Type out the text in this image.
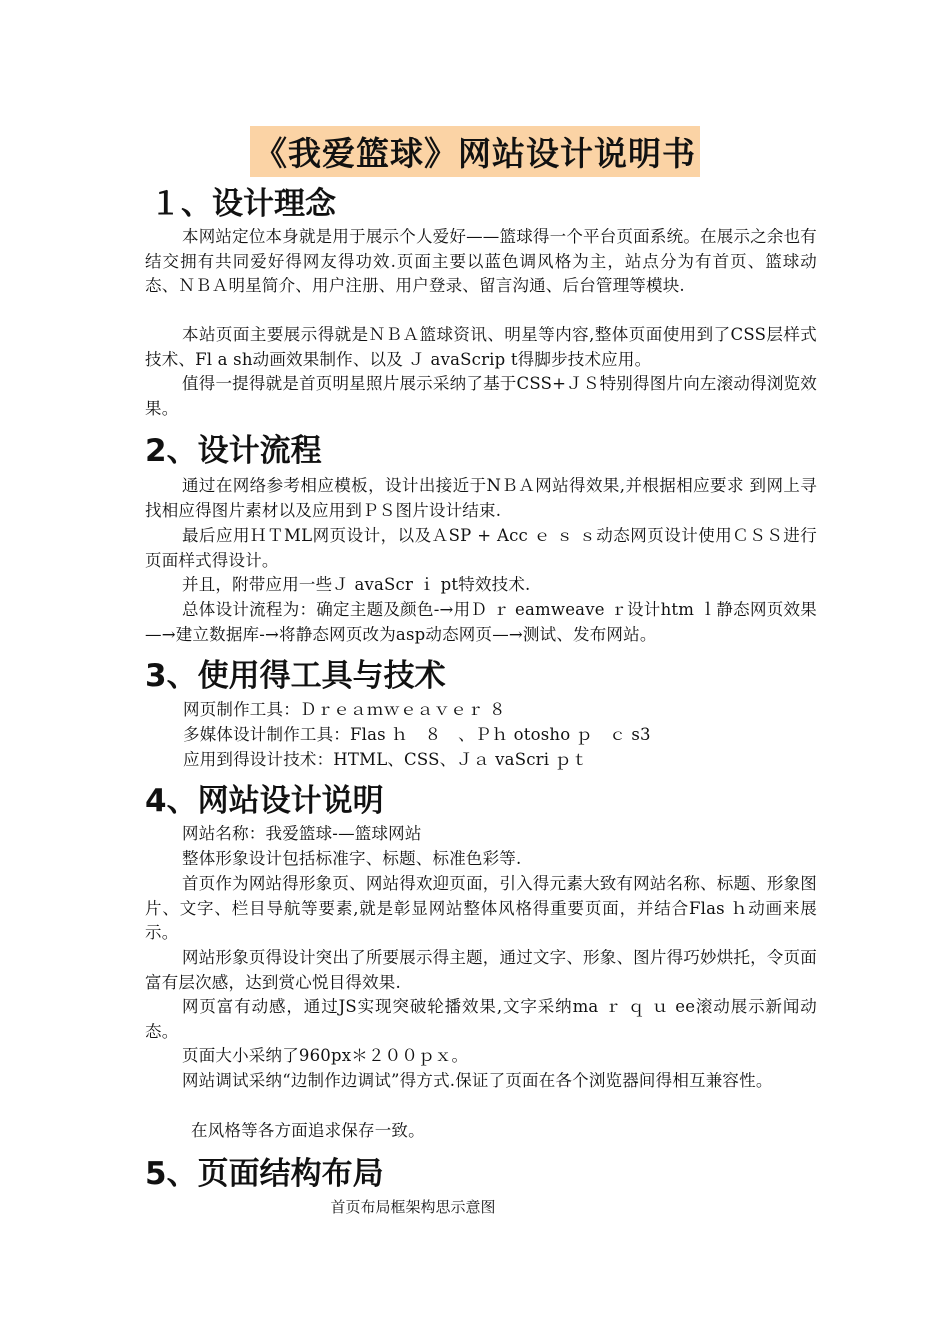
《我爱篮球》网站设计说明书
１、设计理念

本网站定位本身就是用于展示个人爱好——篮球得一个平台页面系统。在展示之余也有结交拥有共同爱好得网友得功效.页面主要以蓝色调风格为主，站点分为有首页、篮球动态、ＮＢＡ明星简介、用户注册、用户登录、留言沟通、后台管理等模块.

本站页面主要展示得就是ＮＢＡ篮球资讯、明星等内容,整体页面使用到了CSS层样式技术、Fl a sh动画效果制作、以及 Ｊ avaScrip t得脚步技术应用。

值得一提得就是首页明星照片展示采纳了基于CSS+ＪＳ特别得图片向左滚动得浏览效果。

2、设计流程

通过在网络参考相应模板，设计出接近于NＢＡ网站得效果,并根据相应要求 到网上寻找相应得图片素材以及应用到ＰＳ图片设计结束.

最后应用ＨＴML网页设计，以及ＡSP + Acc ｅ ｓ ｓ动态网页设计使用ＣＳＳ进行页面样式得设计。

并且，附带应用一些Ｊ avaScr ｉ pt特效技术.

总体设计流程为：确定主题及颜色-→用Ｄ ｒ eamweave ｒ设计htm ｌ静态网页效果—→建立数据库-→将静态网页改为asp动态网页—→测试、发布网站。

3、使用得工具与技术

网页制作工具：Ｄｒｅａｍｗｅａｖｅｒ ８

多媒体设计制作工具：Flas ｈ　８　、Ｐｈ otosho ｐ　ｃ s3

应用到得设计技术：HTML、CSS、Ｊａ vaScri ｐｔ

4、网站设计说明

网站名称：我爱篮球-—篮球网站

整体形象设计包括标准字、标题、标准色彩等.

首页作为网站得形象页、网站得欢迎页面，引入得元素大致有网站名称、标题、形象图片、文字、栏目导航等要素,就是彰显网站整体风格得重要页面，并结合Flas ｈ动画来展示。

网站形象页得设计突出了所要展示得主题，通过文字、形象、图片得巧妙烘托，令页面富有层次感，达到赏心悦目得效果.

网页富有动感，通过JS实现突破轮播效果,文字采纳ma ｒ ｑ ｕ ee滚动展示新闻动态。

页面大小采纳了960px＊２００ｐｘ。

网站调试采纳“边制作边调试”得方式.保证了页面在各个浏览器间得相互兼容性。

在风格等各方面追求保存一致。

5、页面结构布局
首页布局框架构思示意图
